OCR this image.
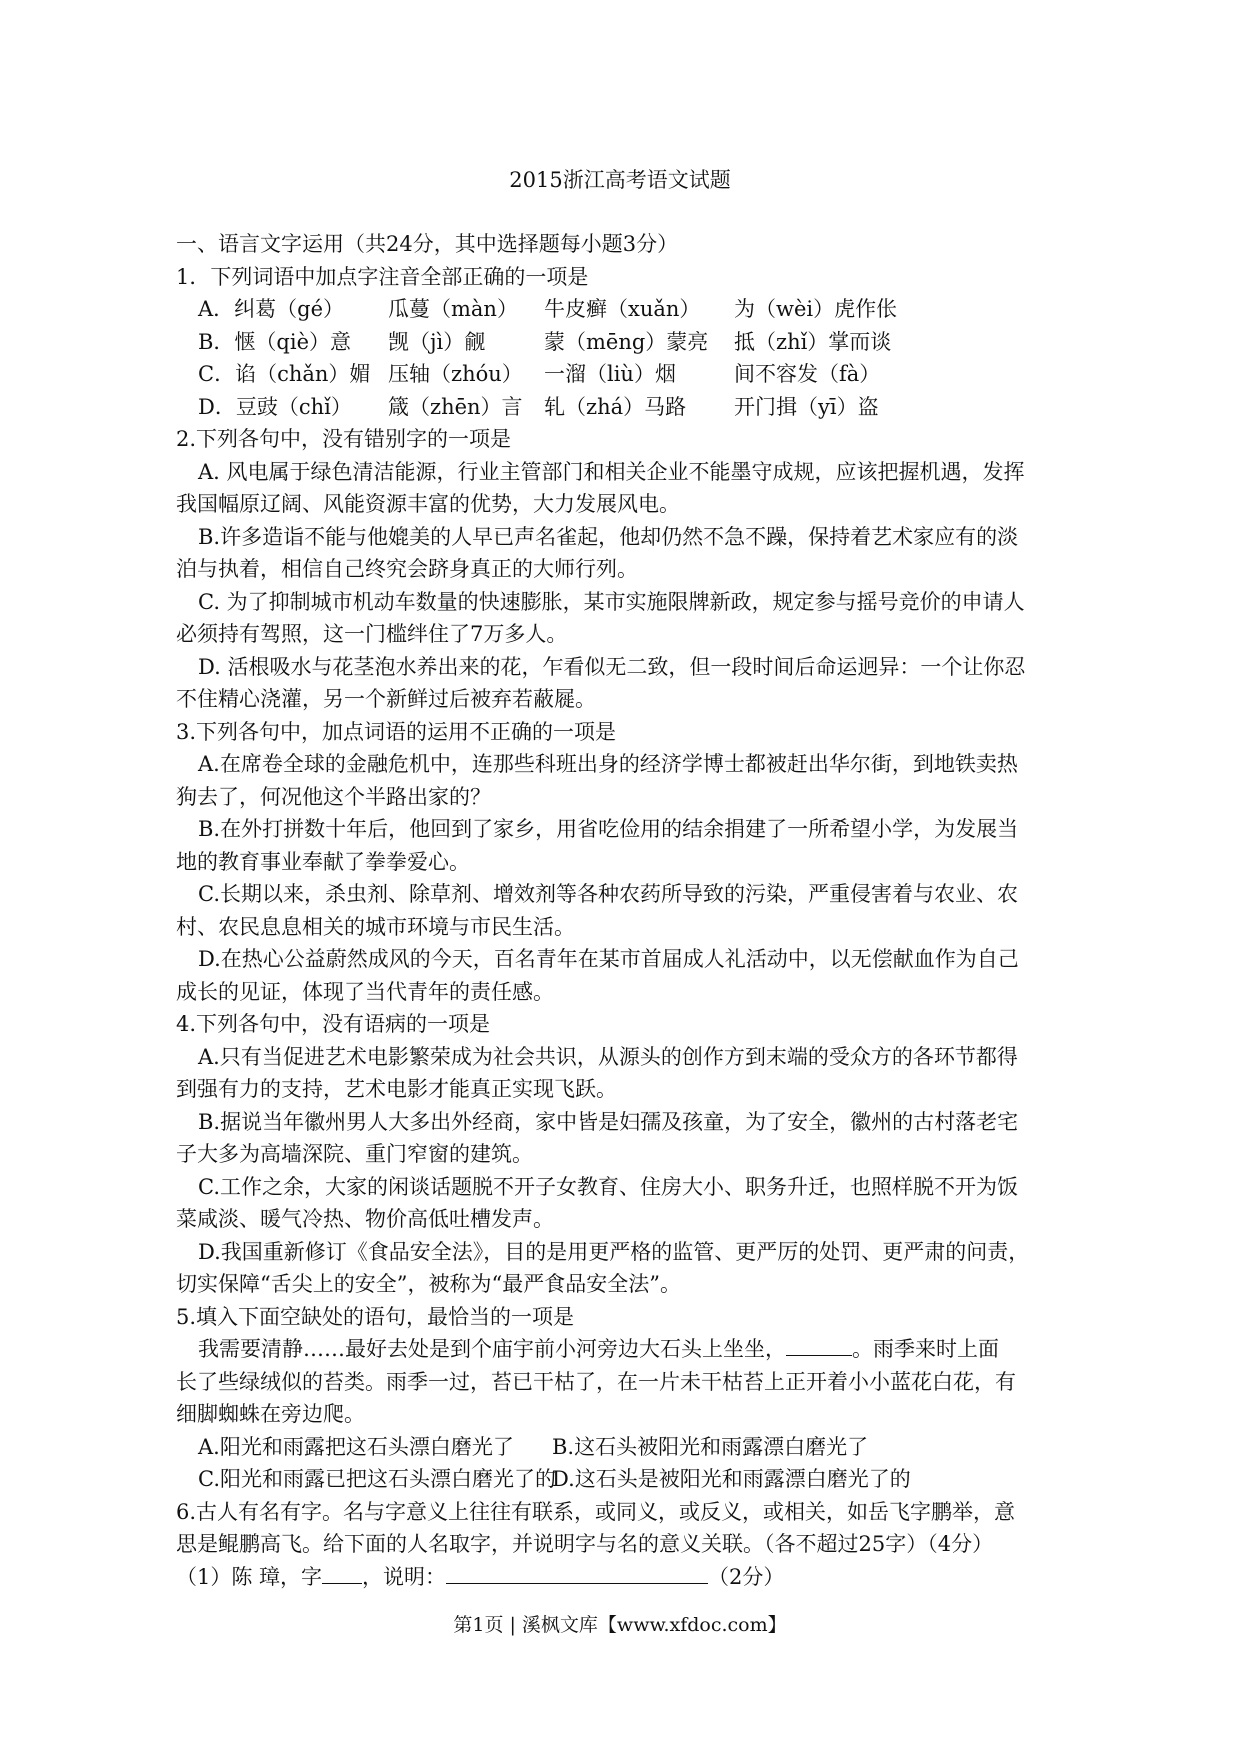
2015浙江高考语文试题
一、语言文字运用（共24分，其中选择题每小题3分）
1．下列词语中加点字注音全部正确的一项是
A．纠葛（gé） 瓜蔓（màn） 牛皮癣（xuǎn） 为（wèi）虎作伥
B．惬（qiè）意 觊（jì）觎	蒙（mēng）蒙亮 抵（zhǐ）掌而谈
C．谄（chǎn）媚 压轴（zhóu） 一溜（liù）烟	间不容发（fà）
D．豆豉（chǐ） 箴（zhēn）言 轧（zhá）马路 开门揖（yī）盗
2.下列各句中，没有错别字的一项是
A. 风电属于绿色清洁能源，行业主管部门和相关企业不能墨守成规，应该把握机遇，发挥
我国幅原辽阔、风能资源丰富的优势，大力发展风电。
B.许多造诣不能与他媲美的人早已声名雀起，他却仍然不急不躁，保持着艺术家应有的淡
泊与执着，相信自己终究会跻身真正的大师行列。
C. 为了抑制城市机动车数量的快速膨胀，某市实施限牌新政，规定参与摇号竞价的申请人
必须持有驾照，这一门槛绊住了7万多人。
D. 活根吸水与花茎泡水养出来的花，乍看似无二致，但一段时间后命运迥异：一个让你忍
不住精心浇灌，另一个新鲜过后被弃若蔽屣。
3.下列各句中，加点词语的运用不正确的一项是
A.在席卷全球的金融危机中，连那些科班出身的经济学博士都被赶出华尔街，到地铁卖热
狗去了，何况他这个半路出家的？
B.在外打拼数十年后，他回到了家乡，用省吃俭用的结余捐建了一所希望小学，为发展当
地的教育事业奉献了拳拳爱心。
C.长期以来，杀虫剂、除草剂、增效剂等各种农药所导致的污染，严重侵害着与农业、农
村、农民息息相关的城市环境与市民生活。
D.在热心公益蔚然成风的今天，百名青年在某市首届成人礼活动中，以无偿献血作为自己
成长的见证，体现了当代青年的责任感。
4.下列各句中，没有语病的一项是
A.只有当促进艺术电影繁荣成为社会共识，从源头的创作方到末端的受众方的各环节都得
到强有力的支持，艺术电影才能真正实现飞跃。
B.据说当年徽州男人大多出外经商，家中皆是妇孺及孩童，为了安全，徽州的古村落老宅
子大多为高墙深院、重门窄窗的建筑。
C.工作之余，大家的闲谈话题脱不开子女教育、住房大小、职务升迁，也照样脱不开为饭
菜咸淡、暖气冷热、物价高低吐槽发声。
D.我国重新修订《食品安全法》，目的是用更严格的监管、更严厉的处罚、更严肃的问责，
切实保障“舌尖上的安全”，被称为“最严食品安全法”。
5.填入下面空缺处的语句，最恰当的一项是
我需要清静……最好去处是到个庙宇前小河旁边大石头上坐坐，	。雨季来时上面
长了些绿绒似的苔类。雨季一过，苔已干枯了，在一片未干枯苔上正开着小小蓝花白花，有
细脚蜘蛛在旁边爬。
A.阳光和雨露把这石头漂白磨光了 B.这石头被阳光和雨露漂白磨光了
C.阳光和雨露已把这石头漂白磨光了的D.这石头是被阳光和雨露漂白磨光了的
6.古人有名有字。名与字意义上往往有联系，或同义，或反义，或相关，如岳飞字鹏举，意
思是鲲鹏高飞。给下面的人名取字，并说明字与名的意义关联。（各不超过25字）（4分）
（1）陈 璋，字 ，说明：	（2分）
第1页 | 溪枫文库【www.xfdoc.com】
